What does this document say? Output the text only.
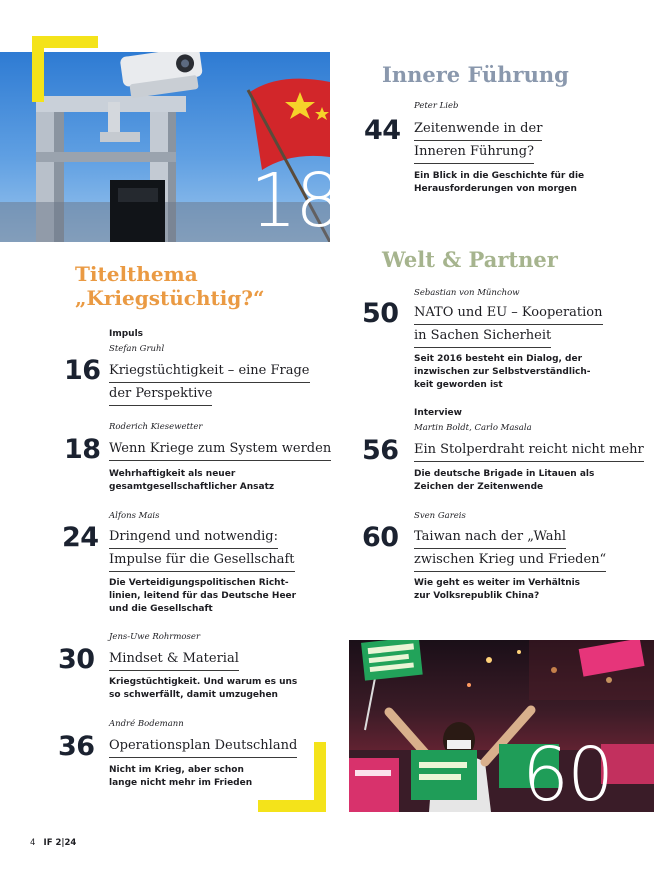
18
Innere Führung
Peter Lieb
44 Zeitenwende in der
Inneren Führung?
Ein Blick in die Geschichte für die
Herausforderungen von morgen
Welt & Partner
Sebastian von Münchow
50 NATO und EU – Kooperation
in Sachen Sicherheit
Seit 2016 besteht ein Dialog, der
inzwischen zur Selbstverständlich-
keit geworden ist
Interview
Martin Boldt, Carlo Masala
56 Ein Stolperdraht reicht nicht mehr
Die deutsche Brigade in Litauen als
Zeichen der Zeitenwende
Sven Gareis
60 Taiwan nach der „Wahl
zwischen Krieg und Frieden“
Wie geht es weiter im Verhältnis
zur Volksrepublik China?
Titelthema
„Kriegstüchtig?“
Impuls
Stefan Gruhl
16 Kriegstüchtigkeit – eine Frage
der Perspektive
Roderich Kiesewetter
18 Wenn Kriege zum System werden
Wehrhaftigkeit als neuer
gesamtgesellschaftlicher Ansatz
Alfons Mais
24 Dringend und notwendig:
Impulse für die Gesellschaft
Die Verteidigungspolitischen Richt-
linien, leitend für das Deutsche Heer
und die Gesellschaft
Jens-Uwe Rohrmoser
30 Mindset & Material
Kriegstüchtigkeit. Und warum es uns
so schwerfällt, damit umzugehen
André Bodemann
36 Operationsplan Deutschland
Nicht im Krieg, aber schon
lange nicht mehr im Frieden	60
4 IF 2|24
